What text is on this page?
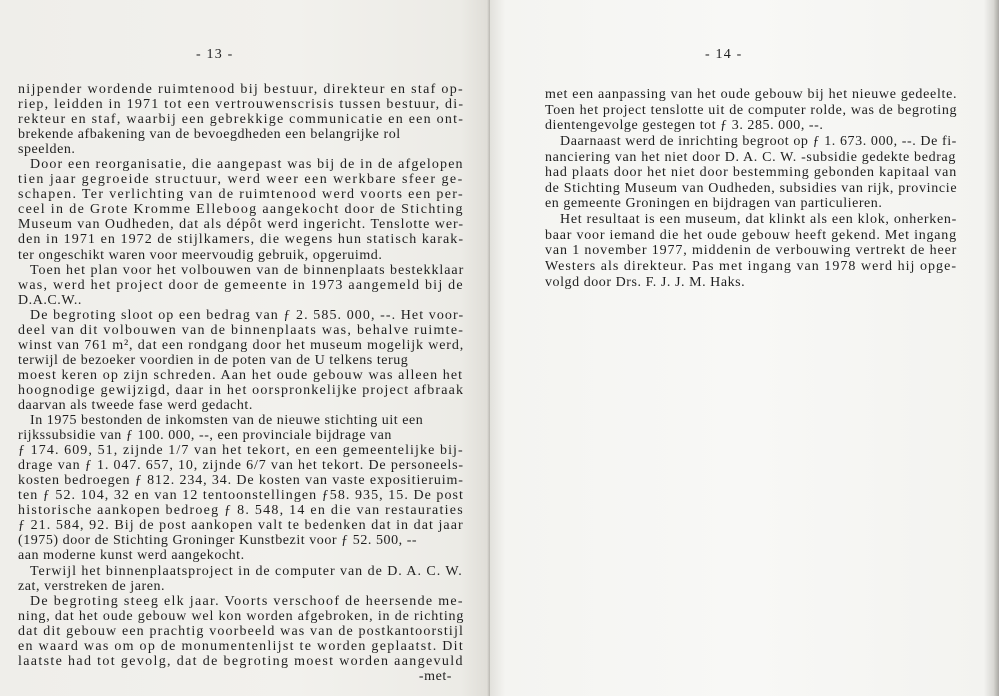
- 13 -
nijpender wordende ruimtenood bij bestuur, direkteur en staf op-
riep, leidden in 1971 tot een vertrouwenscrisis tussen bestuur, di-
rekteur en staf, waarbij een gebrekkige communicatie en een ont-
brekende afbakening van de bevoegdheden een belangrijke rol
speelden.
Door een reorganisatie, die aangepast was bij de in de afgelopen
tien jaar gegroeide structuur, werd weer een werkbare sfeer ge-
schapen. Ter verlichting van de ruimtenood werd voorts een per-
ceel in de Grote Kromme Elleboog aangekocht door de Stichting
Museum van Oudheden, dat als dépôt werd ingericht. Tenslotte wer-
den in 1971 en 1972 de stijlkamers, die wegens hun statisch karak-
ter ongeschikt waren voor meervoudig gebruik, opgeruimd.
Toen het plan voor het volbouwen van de binnenplaats bestekklaar
was, werd het project door de gemeente in 1973 aangemeld bij de
D.A.C.W..
De begroting sloot op een bedrag van ƒ 2. 585. 000, --. Het voor-
deel van dit volbouwen van de binnenplaats was, behalve ruimte-
winst van 761 m², dat een rondgang door het museum mogelijk werd,
terwijl de bezoeker voordien in de poten van de U telkens terug
moest keren op zijn schreden. Aan het oude gebouw was alleen het
hoognodige gewijzigd, daar in het oorspronkelijke project afbraak
daarvan als tweede fase werd gedacht.
In 1975 bestonden de inkomsten van de nieuwe stichting uit een
rijkssubsidie van ƒ 100. 000, --, een provinciale bijdrage van
ƒ 174. 609, 51, zijnde 1/7 van het tekort, en een gemeentelijke bij-
drage van ƒ 1. 047. 657, 10, zijnde 6/7 van het tekort. De personeels-
kosten bedroegen ƒ 812. 234, 34. De kosten van vaste expositieruim-
ten ƒ 52. 104, 32 en van 12 tentoonstellingen ƒ58. 935, 15. De post
historische aankopen bedroeg ƒ 8. 548, 14 en die van restauraties
ƒ 21. 584, 92. Bij de post aankopen valt te bedenken dat in dat jaar
(1975) door de Stichting Groninger Kunstbezit voor ƒ 52. 500, --
aan moderne kunst werd aangekocht.
Terwijl het binnenplaatsproject in de computer van de D. A. C. W.
zat, verstreken de jaren.
De begroting steeg elk jaar. Voorts verschoof de heersende me-
ning, dat het oude gebouw wel kon worden afgebroken, in de richting
dat dit gebouw een prachtig voorbeeld was van de postkantoorstijl
en waard was om op de monumentenlijst te worden geplaatst. Dit
laatste had tot gevolg, dat de begroting moest worden aangevuld
-met-
- 14 -
met een aanpassing van het oude gebouw bij het nieuwe gedeelte.
Toen het project tenslotte uit de computer rolde, was de begroting
dientengevolge gestegen tot ƒ 3. 285. 000, --.
Daarnaast werd de inrichting begroot op ƒ 1. 673. 000, --. De fi-
nanciering van het niet door D. A. C. W. -subsidie gedekte bedrag
had plaats door het niet door bestemming gebonden kapitaal van
de Stichting Museum van Oudheden, subsidies van rijk, provincie
en gemeente Groningen en bijdragen van particulieren.
Het resultaat is een museum, dat klinkt als een klok, onherken-
baar voor iemand die het oude gebouw heeft gekend. Met ingang
van 1 november 1977, middenin de verbouwing vertrekt de heer
Westers als direkteur. Pas met ingang van 1978 werd hij opge-
volgd door Drs. F. J. J. M. Haks.
